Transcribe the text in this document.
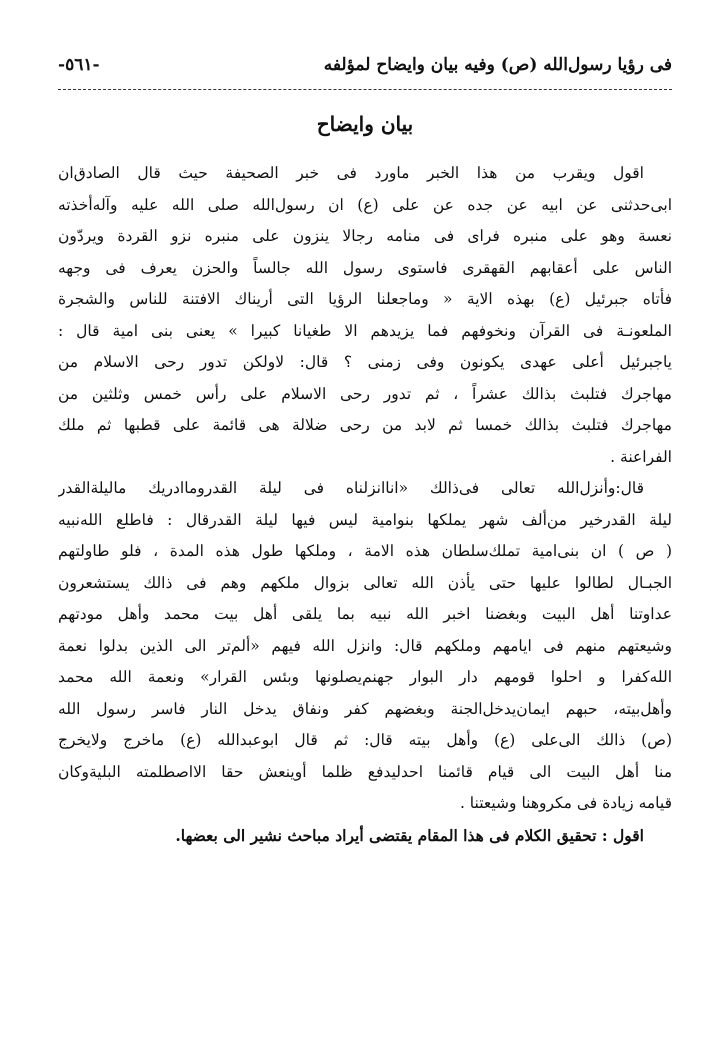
فى رؤيا رسول‌الله (ص) وفيه بيان وايضاح لمؤلفه
-٥٦١-
بيان وايضاح
اقول ويقرب من هذا الخبر ماورد فى خبر الصحيفة حيث قال الصادق‌ان
ابى‌حدثنى عن ابيه عن جده عن على (ع) ان رسول‌الله صلى الله عليه وآله‌أخذته
نعسة وهو على منبره فراى فى منامه رجالا ينزون على منبره نزو القردة ويردّون
الناس على أعقابهم القهقرى فاستوى رسول الله جالساً والحزن يعرف فى وجهه
فأتاه جبرئيل (ع) بهذه الاية « وماجعلنا الرؤيا التى أريناك الافتنة للناس والشجرة
الملعونـة فى القرآن ونخوفهم فما يزيدهم الا طغيانا كبيرا » يعنى بنى امية قال :
ياجبرئيل أعلى عهدى يكونون وفى زمنى ؟ قال: لاولكن تدور رحى الاسلام من
مهاجرك فتلبث بذالك عشراً ، ثم تدور رحى الاسلام على رأس خمس وثلثين من
مهاجرك فتلبث بذالك خمسا ثم لابد من رحى ضلالة هى قائمة على قطبها ثم ملك
الفراعنة .
قال:وأنزل‌الله تعالى فى‌ذالك «انا‌انزلناه فى ليلة القدروماادريك ماليلة‌القدر
ليلة القدرخير من‌ألف شهر يملكها بنوامية ليس فيها ليلة القدرقال : فاطلع الله‌نبيه
( ص ) ان بنى‌امية تملك‌سلطان هذه الامة ، وملكها طول هذه المدة ، فلو طاولتهم
الجبـال لطالوا عليها حتى يأذن الله تعالى بزوال ملكهم وهم فى ذالك يستشعرون
عداوتنا أهل البيت وبغضنا اخبر الله نبيه بما يلقى أهل بيت محمد وأهل مودتهم
وشيعتهم منهم فى ايامهم وملكهم قال: وانزل الله فيهم «ألم‌تر الى الذين بدلوا نعمة
الله‌كفرا و احلوا قومهم دار البوار جهنم‌يصلونها وبئس القرار» ونعمة الله محمد
وأهل‌بيته، حبهم ايمان‌يدخل‌الجنة وبغضهم كفر ونفاق يدخل النار فاسر رسول الله
(ص) ذالك الى‌على (ع) وأهل بيته قال: ثم قال ابوعبدالله (ع) ماخرج ولايخرج
منا أهل البيت الى قيام قائمنا احدليدفع ظلما أوينعش حقا الااصطلمته البلية‌وكان
قيامه زيادة فى مكروهنا وشيعتنا .
اقول : تحقيق الكلام فى هذا المقام يقتضى أيراد مباحث نشير الى بعضها.
